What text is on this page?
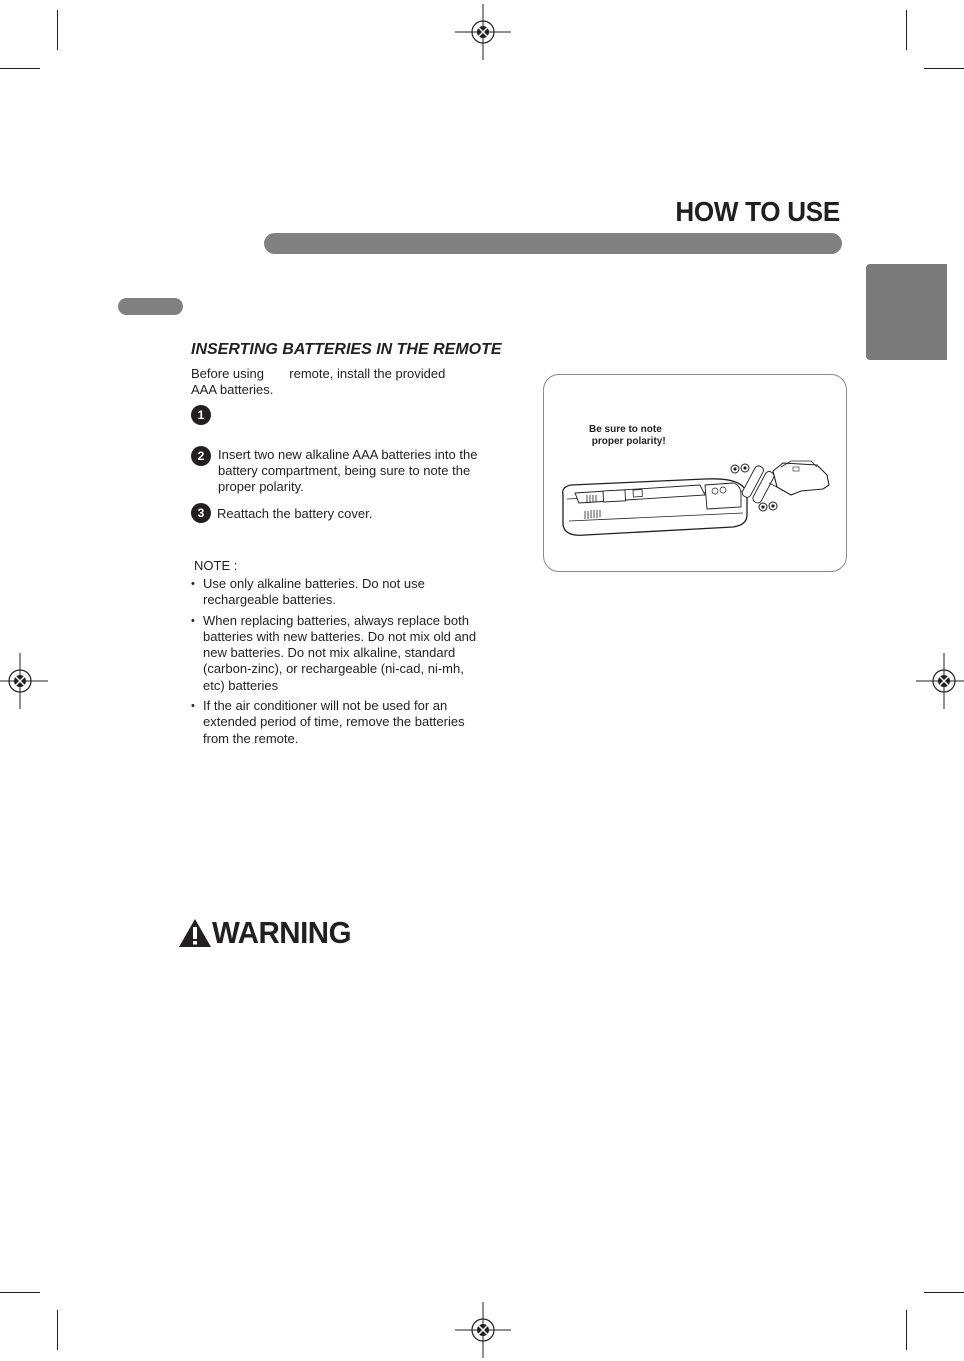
HOW TO USE
INSERTING BATTERIES IN THE REMOTE
Before using       remote, install the provided
AAA batteries.
1
2	Insert two new alkaline AAA batteries into the battery compartment, being sure to note the proper polarity.
3 Reattach the battery cover.
NOTE :
• Use only alkaline batteries. Do not use rechargeable batteries.
• When replacing batteries, always replace both batteries with new batteries. Do not mix old and new batteries. Do not mix alkaline, standard (carbon-zinc), or rechargeable (ni-cad, ni-mh, etc) batteries
• If the air conditioner will not be used for an extended period of time, remove the batteries from the remote.
Be sure to note
proper polarity!
WARNING
